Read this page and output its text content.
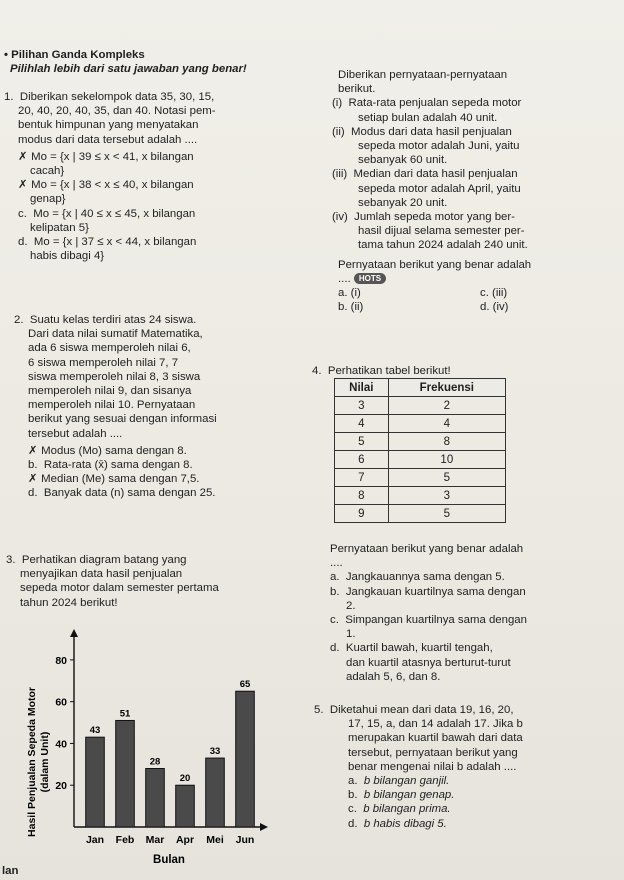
• Pilihan Ganda Kompleks

Pilihlah lebih dari satu jawaban yang benar!

1. Diberikan sekelompok data 35, 30, 15,

20, 40, 20, 40, 35, dan 40. Notasi pem-

bentuk himpunan yang menyatakan

modus dari data tersebut adalah ....

✗ Mo = {x | 39 ≤ x < 41, x bilangan

cacah}

✗ Mo = {x | 38 < x ≤ 40, x bilangan

genap}

c. Mo = {x | 40 ≤ x ≤ 45, x bilangan

kelipatan 5}

d. Mo = {x | 37 ≤ x < 44, x bilangan

habis dibagi 4}

Diberikan pernyataan-pernyataan

berikut.

(i) Rata-rata penjualan sepeda motor

setiap bulan adalah 40 unit.

(ii) Modus dari data hasil penjualan

sepeda motor adalah Juni, yaitu

sebanyak 60 unit.

(iii) Median dari data hasil penjualan

sepeda motor adalah April, yaitu

sebanyak 20 unit.

(iv) Jumlah sepeda motor yang ber-

hasil dijual selama semester per-

tama tahun 2024 adalah 240 unit.

Pernyataan berikut yang benar adalah

.... HOTS

a. (i)	c. (iii)

b. (ii)	d. (iv)

2. Suatu kelas terdiri atas 24 siswa.

Dari data nilai sumatif Matematika,

ada 6 siswa memperoleh nilai 6,

6 siswa memperoleh nilai 7, 7

siswa memperoleh nilai 8, 3 siswa

memperoleh nilai 9, dan sisanya

memperoleh nilai 10. Pernyataan

berikut yang sesuai dengan informasi

tersebut adalah ....

✗ Modus (Mo) sama dengan 8.

b. Rata-rata (x̄) sama dengan 8.

✗ Median (Me) sama dengan 7,5.

d. Banyak data (n) sama dengan 25.

4. Perhatikan tabel berikut!

Nilai	Frekuensi
3	2
4	4
5	8
6	10
7	5
8	3
9	5

Pernyataan berikut yang benar adalah

....

a. Jangkauannya sama dengan 5.

b. Jangkauan kuartilnya sama dengan

2.

c. Simpangan kuartilnya sama dengan

1.

d. Kuartil bawah, kuartil tengah,

dan kuartil atasnya berturut-turut

adalah 5, 6, dan 8.

3. Perhatikan diagram batang yang

menyajikan data hasil penjualan

sepeda motor dalam semester pertama

tahun 2024 berikut!

Hasil Penjualan Sepeda Motor (dalam Unit) 20
40
60
80
43
51
28
20
33
65
Jan Feb Mar Apr Mei Jun
Bulan

5. Diketahui mean dari data 19, 16, 20,

17, 15, a, dan 14 adalah 17. Jika b

merupakan kuartil bawah dari data

tersebut, pernyataan berikut yang

benar mengenai nilai b adalah ....

a. b bilangan ganjil.

b. b bilangan genap.

c. b bilangan prima.

d. b habis dibagi 5.

lan
